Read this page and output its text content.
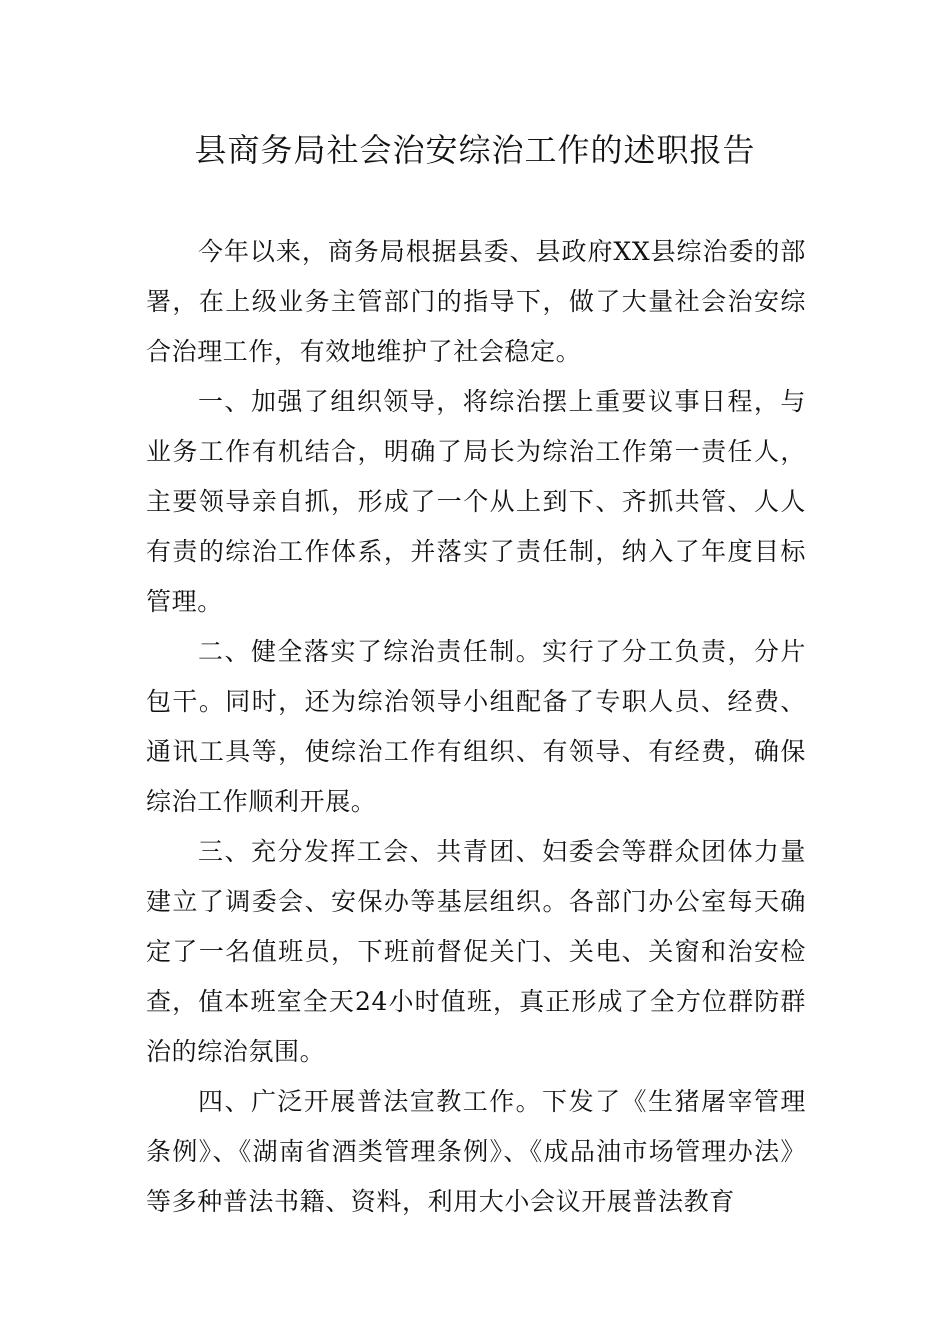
县商务局社会治安综治工作的述职报告

今年以来，商务局根据县委、县政府XX县综治委的部署，在上级业务主管部门的指导下，做了大量社会治安综合治理工作，有效地维护了社会稳定。

一、加强了组织领导，将综治摆上重要议事日程，与业务工作有机结合，明确了局长为综治工作第一责任人，主要领导亲自抓，形成了一个从上到下、齐抓共管、人人有责的综治工作体系，并落实了责任制，纳入了年度目标管理。

二、健全落实了综治责任制。实行了分工负责，分片包干。同时，还为综治领导小组配备了专职人员、经费、通讯工具等，使综治工作有组织、有领导、有经费，确保综治工作顺利开展。

三、充分发挥工会、共青团、妇委会等群众团体力量建立了调委会、安保办等基层组织。各部门办公室每天确定了一名值班员，下班前督促关门、关电、关窗和治安检查，值本班室全天24小时值班，真正形成了全方位群防群治的综治氛围。

四、广泛开展普法宣教工作。下发了《生猪屠宰管理条例》、《湖南省酒类管理条例》、《成品油市场管理办法》等多种普法书籍、资料，利用大小会议开展普法教育
